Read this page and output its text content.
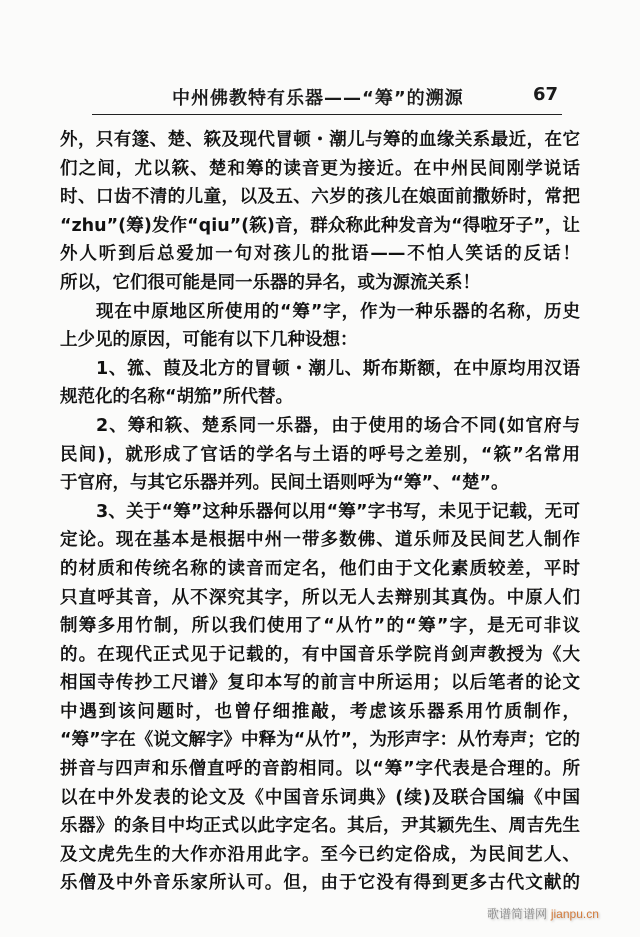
中州佛教特有乐器——“筹”的溯源	67
外，只有篴、楚、篍及现代冒顿・潮儿与筹的血缘关系最近，在它
们之间，尤以篍、楚和筹的读音更为接近。在中州民间刚学说话
时、口齿不清的儿童，以及五、六岁的孩儿在娘面前撒娇时，常把
“zhu”(筹)发作“qiu”(篍)音，群众称此种发音为“得啦牙子”，让
外人听到后总爱加一句对孩儿的批语——不怕人笑话的反话！
所以，它们很可能是同一乐器的异名，或为源流关系！
现在中原地区所使用的“筹”字，作为一种乐器的名称，历史
上少见的原因，可能有以下几种设想：
1、箛、葭及北方的冒顿・潮儿、斯布斯额，在中原均用汉语
规范化的名称“胡笳”所代替。
2、筹和篍、楚系同一乐器，由于使用的场合不同(如官府与
民间)，就形成了官话的学名与土语的呼号之差别，“篍”名常用
于官府，与其它乐器并列。民间土语则呼为“筹”、“楚”。
3、关于“筹”这种乐器何以用“筹”字书写，未见于记载，无可
定论。现在基本是根据中州一带多数佛、道乐师及民间艺人制作
的材质和传统名称的读音而定名，他们由于文化素质较差，平时
只直呼其音，从不深究其字，所以无人去辩别其真伪。中原人们
制筹多用竹制，所以我们使用了“从竹”的“筹”字，是无可非议
的。在现代正式见于记载的，有中国音乐学院肖剑声教授为《大
相国寺传抄工尺谱》复印本写的前言中所运用；以后笔者的论文
中遇到该问题时，也曾仔细推敲，考虑该乐器系用竹质制作，
“筹”字在《说文解字》中释为“从竹”，为形声字：从竹寿声；它的
拼音与四声和乐僧直呼的音韵相同。以“筹”字代表是合理的。所
以在中外发表的论文及《中国音乐词典》(续)及联合国编《中国
乐器》的条目中均正式以此字定名。其后，尹其颖先生、周吉先生
及文虎先生的大作亦沿用此字。至今已约定俗成，为民间艺人、
乐僧及中外音乐家所认可。但，由于它没有得到更多古代文献的
歌谱简谱网 jianpu.cn
